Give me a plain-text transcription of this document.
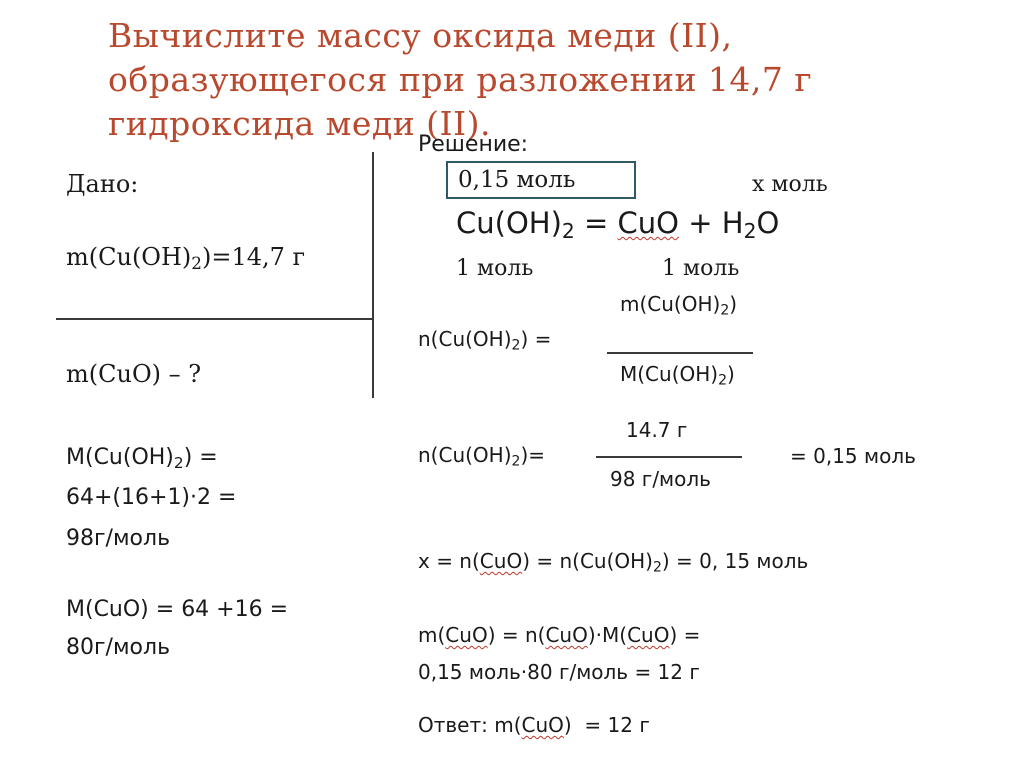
Вычислите массу оксида меди (II),
образующегося при разложении 14,7 г
гидроксида меди (II).
Дано:
$m(Cu(OH)_2)=14,7$ г
m(CuO) – ?
$M(Cu(OH)_2)$ =
64+(16+1)·2 =
98г/моль
M(CuO) = 64 +16 =
80г/моль
Решение:
0,15 моль	х моль
$Cu(OH)_2$ = CuO + $H_2O$
1 моль	1 моль
$m(Cu(OH)_2)$
$n(Cu(OH)_2)$ =
$M(Cu(OH)_2)$
14.7 г
$n(Cu(OH)_2)=$	= 0,15 моль
98 г/моль
$x = n(CuO) = n(Cu(OH)_2) = 0$, 15 моль
m(CuO) = n(CuO)·M(CuO) =
0,15 моль·80 г/моль = 12 г
Ответ: m(CuO)  = 12 г
